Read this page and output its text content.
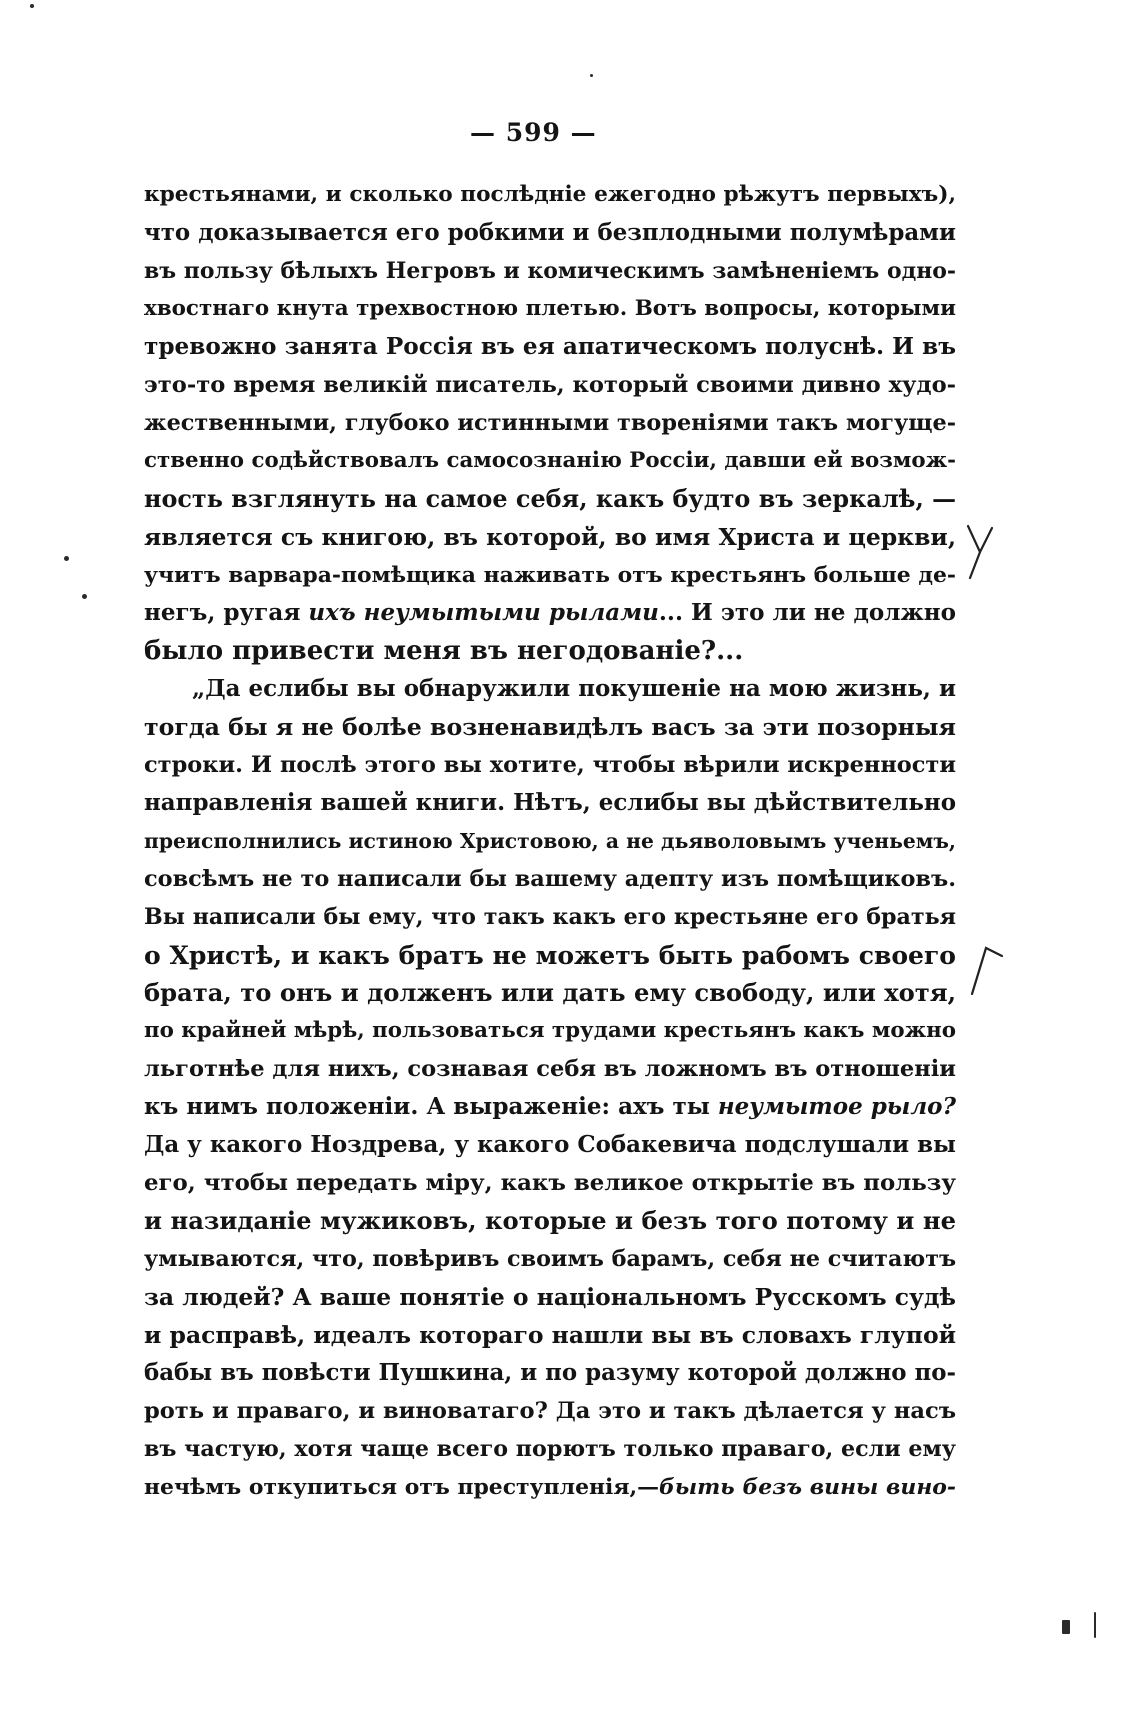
— 599 —
крестьянами, и сколько послѣдніе ежегодно рѣжутъ первыхъ),
что доказывается его робкими и безплодными полумѣрами
въ пользу бѣлыхъ Негровъ и комическимъ замѣненіемъ одно-
хвостнаго кнута трехвостною плетью. Вотъ вопросы, которыми
тревожно занята Россія въ ея апатическомъ полуснѣ. И въ
это-то время великій писатель, который своими дивно худо-
жественными, глубоко истинными твореніями такъ могуще-
ственно содѣйствовалъ самосознанію Россіи, давши ей возмож-
ность взглянуть на самое себя, какъ будто въ зеркалѣ, —
является съ книгою, въ которой, во имя Христа и церкви,
учитъ варвара-помѣщика наживать отъ крестьянъ больше де-
негъ, ругая ихъ неумытыми рылами... И это ли не должно
было привести меня въ негодованіе?...
„Да еслибы вы обнаружили покушеніе на мою жизнь, и
тогда бы я не болѣе возненавидѣлъ васъ за эти позорныя
строки. И послѣ этого вы хотите, чтобы вѣрили искренности
направленія вашей книги. Нѣтъ, еслибы вы дѣйствительно
преисполнились истиною Христовою, а не дьяволовымъ ученьемъ,
совсѣмъ не то написали бы вашему адепту изъ помѣщиковъ.
Вы написали бы ему, что такъ какъ его крестьяне его братья
о Христѣ, и какъ братъ не можетъ быть рабомъ своего
брата, то онъ и долженъ или дать ему свободу, или хотя,
по крайней мѣрѣ, пользоваться трудами крестьянъ какъ можно
льготнѣе для нихъ, сознавая себя въ ложномъ въ отношеніи
къ нимъ положеніи. А выраженіе: ахъ ты неумытое рыло?
Да у какого Ноздрева, у какого Собакевича подслушали вы
его, чтобы передать міру, какъ великое открытіе въ пользу
и назиданіе мужиковъ, которые и безъ того потому и не
умываются, что, повѣривъ своимъ барамъ, себя не считаютъ
за людей? А ваше понятіе о національномъ Русскомъ судѣ
и расправѣ, идеалъ котораго нашли вы въ словахъ глупой
бабы въ повѣсти Пушкина, и по разуму которой должно по-
роть и праваго, и виноватаго? Да это и такъ дѣлается у насъ
въ частую, хотя чаще всего порютъ только праваго, если ему
нечѣмъ откупиться отъ преступленія,—быть безъ вины вино-
